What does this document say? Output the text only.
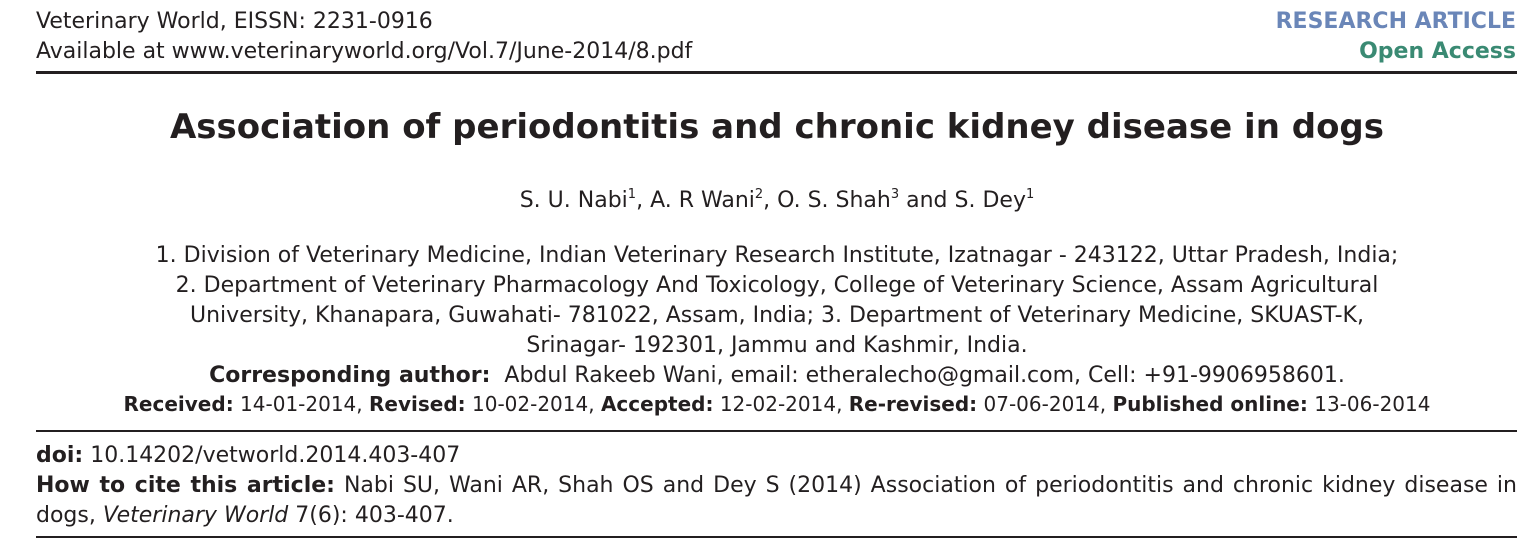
Veterinary World, EISSN: 2231-0916
Available at www.veterinaryworld.org/Vol.7/June-2014/8.pdf
RESEARCH ARTICLE
Open Access
Association of periodontitis and chronic kidney disease in dogs
S. U. Nabi$^1$, A. R Wani$^2$, O. S. Shah$^3$ and S. Dey$^1$

1. Division of Veterinary Medicine, Indian Veterinary Research Institute, Izatnagar - 243122, Uttar Pradesh, India;

2. Department of Veterinary Pharmacology And Toxicology, College of Veterinary Science, Assam Agricultural

University, Khanapara, Guwahati- 781022, Assam, India; 3. Department of Veterinary Medicine, SKUAST-K,

Srinagar- 192301, Jammu and Kashmir, India.

Corresponding author: Abdul Rakeeb Wani, email: etheralecho@gmail.com, Cell: +91-9906958601.

Received: 14-01-2014, Revised: 10-02-2014, Accepted: 12-02-2014, Re-revised: 07-06-2014, Published online: 13-06-2014

doi: 10.14202/vetworld.2014.403-407

How to cite this article: Nabi SU, Wani AR, Shah OS and Dey S (2014) Association of periodontitis and chronic kidney disease in dogs, Veterinary World 7(6): 403-407.
